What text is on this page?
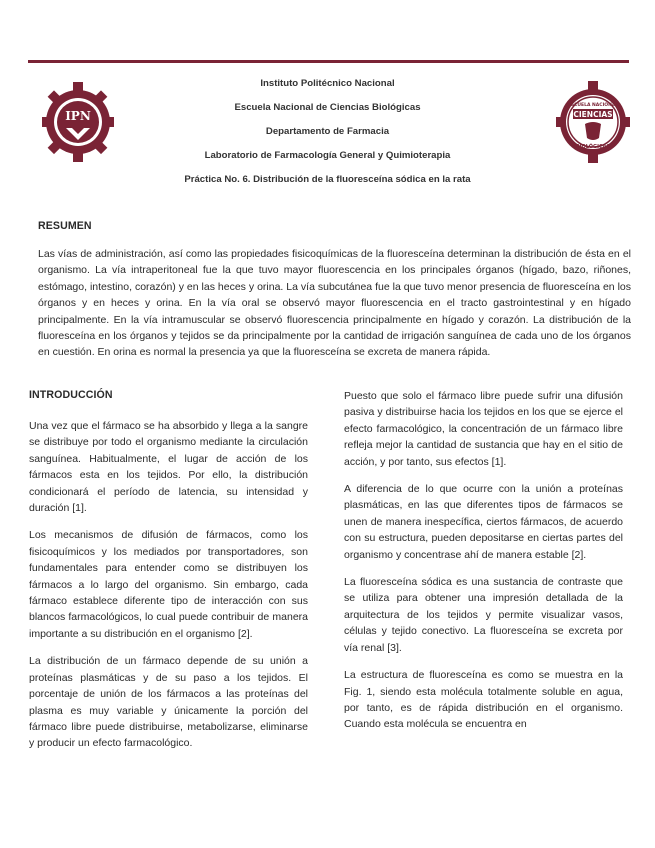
IPN
Instituto Politécnico Nacional
Escuela Nacional de Ciencias Biológicas
Departamento de Farmacia
Laboratorio de Farmacología General y Quimioterapia
Práctica No. 6. Distribución de la fluoresceína sódica en la rata
ESCUELA NACIONAL
CIENCIAS
BIOLÓGICAS
RESUMEN
Las vías de administración, así como las propiedades fisicoquímicas de la fluoresceína determinan la distribución de ésta en el organismo. La vía intraperitoneal fue la que tuvo mayor fluorescencia en los principales órganos (hígado, bazo, riñones, estómago, intestino, corazón) y en las heces y orina. La vía subcutánea fue la que tuvo menor presencia de fluoresceína en los órganos y en heces y orina. En la vía oral se observó mayor fluorescencia en el tracto gastrointestinal y en hígado principalmente. En la vía intramuscular se observó fluorescencia principalmente en hígado y corazón. La distribución de la fluoresceína en los órganos y tejidos se da principalmente por la cantidad de irrigación sanguínea de cada uno de los órganos en cuestión. En orina es normal la presencia ya que la fluoresceína se excreta de manera rápida.
INTRODUCCIÓN

Una vez que el fármaco se ha absorbido y llega a la sangre se distribuye por todo el organismo mediante la circulación sanguínea. Habitualmente, el lugar de acción de los fármacos esta en los tejidos. Por ello, la distribución condicionará el período de latencia, su intensidad y duración [1].

Los mecanismos de difusión de fármacos, como los fisicoquímicos y los mediados por transportadores, son fundamentales para entender como se distribuyen los fármacos a lo largo del organismo. Sin embargo, cada fármaco establece diferente tipo de interacción con sus blancos farmacológicos, lo cual puede contribuir de manera importante a su distribución en el organismo [2].

La distribución de un fármaco depende de su unión a proteínas plasmáticas y de su paso a los tejidos. El porcentaje de unión de los fármacos a las proteínas del plasma es muy variable y únicamente la porción del fármaco libre puede distribuirse, metabolizarse, eliminarse y producir un efecto farmacológico.

Puesto que solo el fármaco libre puede sufrir una difusión pasiva y distribuirse hacia los tejidos en los que se ejerce el efecto farmacológico, la concentración de un fármaco libre refleja mejor la cantidad de sustancia que hay en el sitio de acción, y por tanto, sus efectos [1].

A diferencia de lo que ocurre con la unión a proteínas plasmáticas, en las que diferentes tipos de fármacos se unen de manera inespecífica, ciertos fármacos, de acuerdo con su estructura, pueden depositarse en ciertas partes del organismo y concentrase ahí de manera estable [2].

La fluoresceína sódica es una sustancia de contraste que se utiliza para obtener una impresión detallada de la arquitectura de los tejidos y permite visualizar vasos, células y tejido conectivo. La fluoresceína se excreta por vía renal [3].

La estructura de fluoresceína es como se muestra en la Fig. 1, siendo esta molécula totalmente soluble en agua, por tanto, es de rápida distribución en el organismo. Cuando esta molécula se encuentra en
